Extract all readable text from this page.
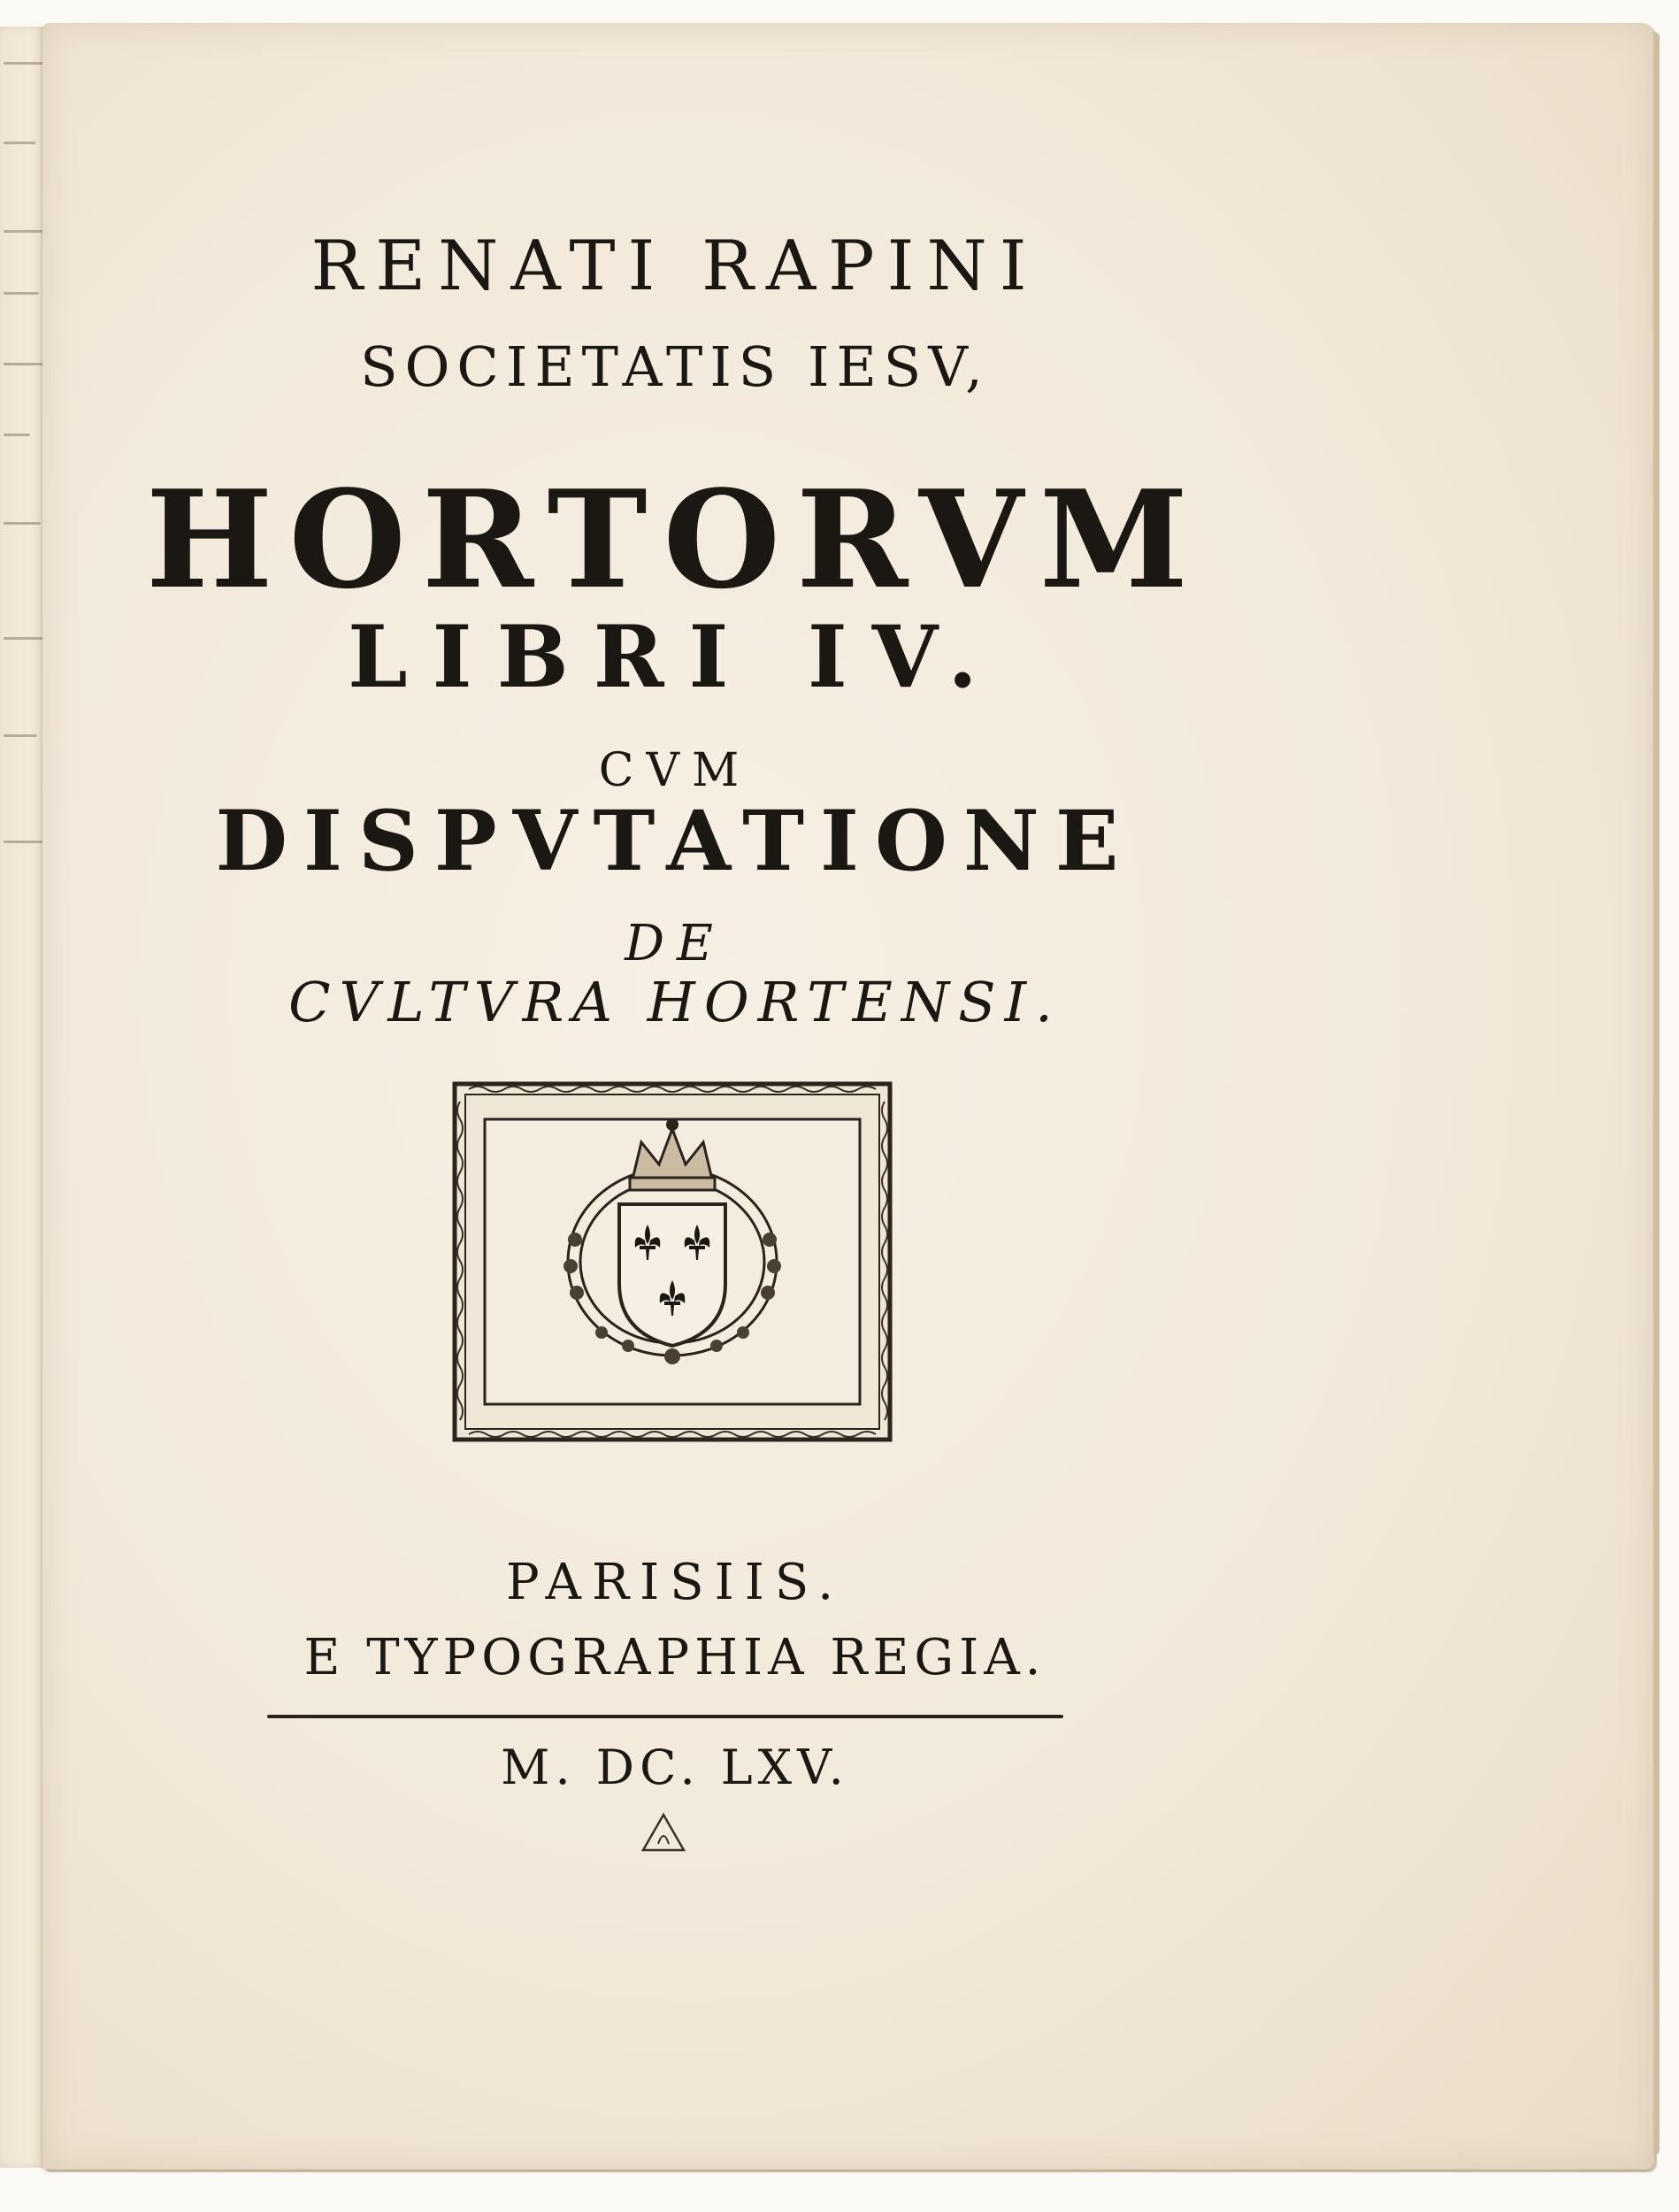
RENATI RAPINI
SOCIETATIS IESV,
HORTORVM
LIBRI IV.
CVM
DISPVTATIONE
DE
CVLTVRA HORTENSI.
PARISIIS.
E TYPOGRAPHIA REGIA.
M. DC. LXV.
